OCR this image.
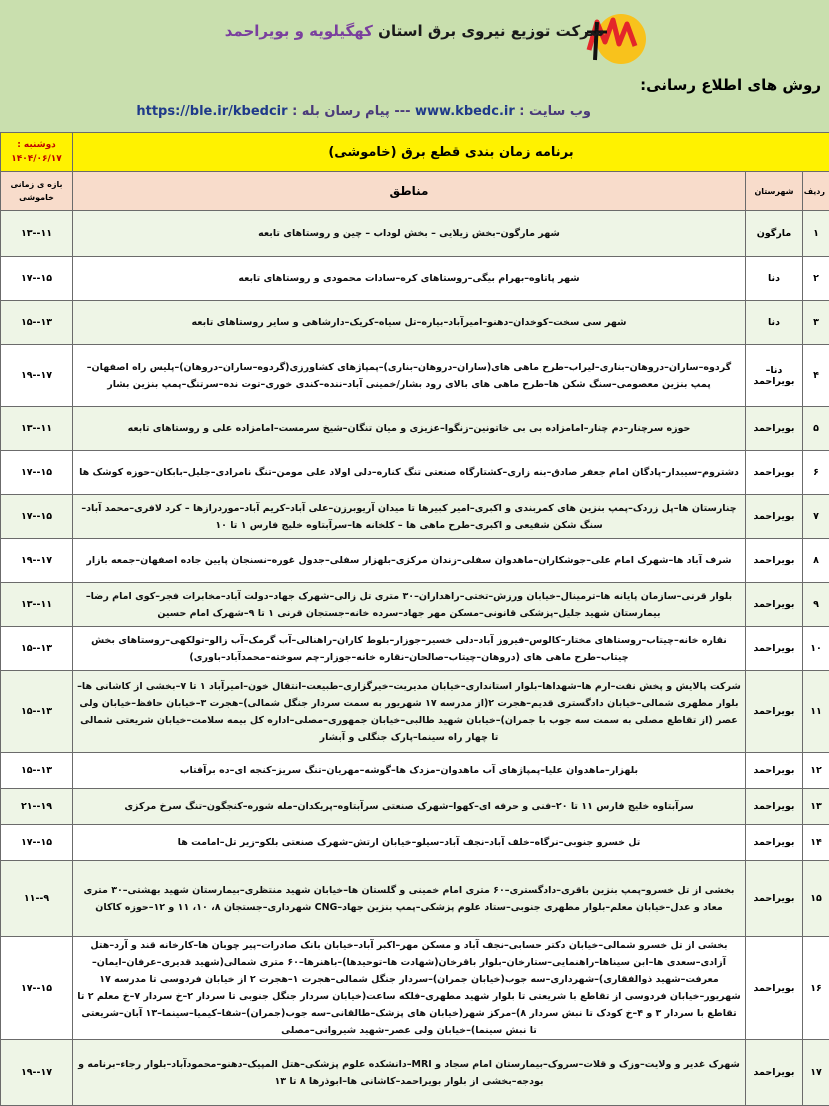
شرکت توزیع نیروی برق استان کهگیلویه و بویراحمد
روش های اطلاع رسانی:
وب سایت : www.kbedc.ir --- پیام رسان بله : https://ble.ir/kbedcir
برنامه زمان بندی قطع برق (خاموشی)			دوشنبه :
۱۴۰۴/۰۶/۱۷

ردیف	شهرستان	مناطق	بازه ی زمانی خاموشی
۱	مارگون	شهر مارگون–بخش زیلایی – بخش لوداب – چین و روستاهای تابعه	۱۱--۱۳
۲	دنا	شهر پاتاوه–بهرام بیگی–روستاهای کره–سادات محمودی و روستاهای تابعه	۱۵--۱۷
۳	دنا	شهر سی سخت–کوخدان–دهنو–امیرآباد–بیاره–تل سیاه–کریک–دارشاهی و سایر روستاهای تابعه	۱۳--۱۵
۴	دنا–بویراحمد	گردوه–ساران–دروهان–بناری–لیراب–طرح ماهی های(ساران–دروهان–بناری)–پمپاژهای کشاورزی(گردوه–ساران–دروهان)–پلیس راه اصفهان–پمپ بنزین معصومی–سنگ شکن ها–طرح ماهی های بالای رود بشار/خمینی آباد–ننده–کندی خوری–توت نده–سرتنگ–پمپ بنزین بشار	۱۷--۱۹
۵	بویراحمد	حوزه سرچنار–دم چنار–امامزاده بی بی خاتونین–زنگوا–عزیزی و میان تنگان–شیخ سرمست–امامزاده علی و روستاهای تابعه	۱۱--۱۳
۶	بویراحمد	دشتروم–سیبدار–پادگان امام جعفر صادق–بنه زاری–کشتارگاه صنعتی تنگ کناره–دلی اولاد علی مومن–تنگ نامرادی–جلیل–بابکان–حوزه کوشک ها	۱۵--۱۷
۷	بویراحمد	چنارستان ها–پل زردک–پمپ بنزین های کمربندی و اکبری–امیر کبیرها تا میدان آریوبرزن–علی آباد–کریم آباد–موردرازها – کرد لافری–محمد آباد–سنگ شکن شفیعی و اکبری–طرح ماهی ها – کلخانه ها–سرآبتاوه خلیج فارس ۱ تا ۱۰	۱۵--۱۷
۸	بویراحمد	شرف آباد ها–شهرک امام علی–جوشکاران–ماهدوان سفلی–زندان مرکزی–بلهزار سفلی–جدول غوره–نسنجان پایین جاده اصفهان–جمعه بازار	۱۷--۱۹
۹	بویراحمد	بلوار قرنی–سازمان پایانه ها–ترمینال–خیابان ورزش–تختی–راهداران–۳۰ متری تل زالی–شهرک جهاد–دولت آباد–مخابرات فجر–کوی امام رضا–بیمارستان شهید جلیل–پزشکی قانونی–مسکن مهر جهاد–سرده خانه–جستجان قرنی ۱ تا ۹–شهرک امام حسین	۱۱--۱۳
۱۰	بویراحمد	نقاره خانه–چیتاب–روستاهای مختار–کالوس–فیروز آباد–دلی خسیر–جوزار–بلوط کاران–راهنالی–آب گرمک–آب زالو–تولکهی–روستاهای بخش چیتاب–طرح ماهی های (دروهان–چیتاب–صالحان–نقاره خانه–جوزار–چم سوخته–محمدآباد–باوری)	۱۳--۱۵
۱۱	بویراحمد	شرکت پالایش و پخش نفت–ارم ها–شهداها–بلوار استانداری–خیابان مدیریت–خیرگزاری–طبیعت–انتقال خون–امیرآباد ۱ تا ۷–بخشی از کاشانی ها–بلوار مطهری شمالی–خیابان دادگستری قدیم–هجرت ۲(از مدرسه ۱۷ شهریور به سمت سردار جنگل شمالی)–هجرت ۳–خیابان حافظ–خیابان ولی عصر (از تقاطع مصلی به سمت سه جوب با جمران)–خیابان شهید طالبی–خیابان جمهوری–مصلی–اداره کل بیمه سلامت–خیابان شریعتی شمالی تا چهار راه سینما–پارک جنگلی و آبشار	۱۳--۱۵
۱۲	بویراحمد	بلهزار–ماهدوان علیا–پمپاژهای آب ماهدوان–مزدک ها–گوشه–مهریان–تنگ سریز–کنجه ای–ده برآفتاب	۱۳--۱۵
۱۳	بویراحمد	سرآبتاوه خلیج فارس ۱۱ تا ۲۰–فنی و حرفه ای–کهوا–شهرک صنعتی سرآبتاوه–پریکدان–مله شوره–کنجگون–تنگ سرخ مرکزی	۱۹--۲۱
۱۴	بویراحمد	تل خسرو جنوبی–نرگاه–خلف آباد–نجف آباد–سیلو–خیابان ارتش–شهرک صنعتی بلکو–زیر تل–امامت ها	۱۵--۱۷
۱۵	بویراحمد	بخشی از تل خسرو–پمپ بنزین باقری–دادگستری–۶۰ متری امام خمینی و گلستان ها–خیابان شهید منتظری–بیمارستان شهید بهشتی–۳۰ متری معاد و عدل–خیابان معلم–بلوار مطهری جنوبی–ستاد علوم پزشکی–پمپ بنزین جهاد–CNG شهرداری–جستجان ۸، ۱۰، ۱۱ و ۱۲–حوزه کاکان	۹--۱۱
۱۶	بویراحمد	بخشی از تل خسرو شمالی–خیابان دکتر حسابی–نجف آباد و مسکن مهر–اکبر آباد–خیابان بانک صادرات–پیر چوبان ها–کارخانه قند و آرد–هتل آزادی–سعدی ها–ابن سیناها–راهنمایی–ستارخان–بلوار باقرخان(شهادت ها–توحیدها)–باهنرها–۶۰ متری شمالی(شهید قدیری–عرفان–ایمان–معرفت–شهید ذوالفقاری)–شهرداری–سه جوب(خیابان جمران)–سردار جنگل شمالی–هجرت ۱–هجرت ۲ از خیابان فردوسی تا مدرسه ۱۷ شهریور–خیابان فردوسی از تقاطع با شریعتی تا بلوار شهید مطهری–فلکه ساعت(خیابان سردار جنگل جنوبی تا سردار ۲–خ سردار ۷–خ معلم ۲ تا تقاطع با سردار ۳ و ۴–خ کودک تا نبش سردار ۸)–مرکز شهر(خیابان های پزشک–طالقانی–سه جوب(جمران)–شفا–کیمیا–سینما–۱۳ آبان–شریعتی تا نبش سینما)–خیابان ولی عصر–شهید شیروانی–مصلی	۱۵--۱۷
۱۷	بویراحمد	شهرک غدیر و ولایت–وزک و قلات–سروک–بیمارستان امام سجاد و MRI–دانشکده علوم پزشکی–هتل المپیک–دهنو–محمودآباد–بلوار رجاء–برنامه و بودجه–بخشی از بلوار بویراحمد–کاشانی ها–ابوذرها ۸ تا ۱۳	۱۷--۱۹
